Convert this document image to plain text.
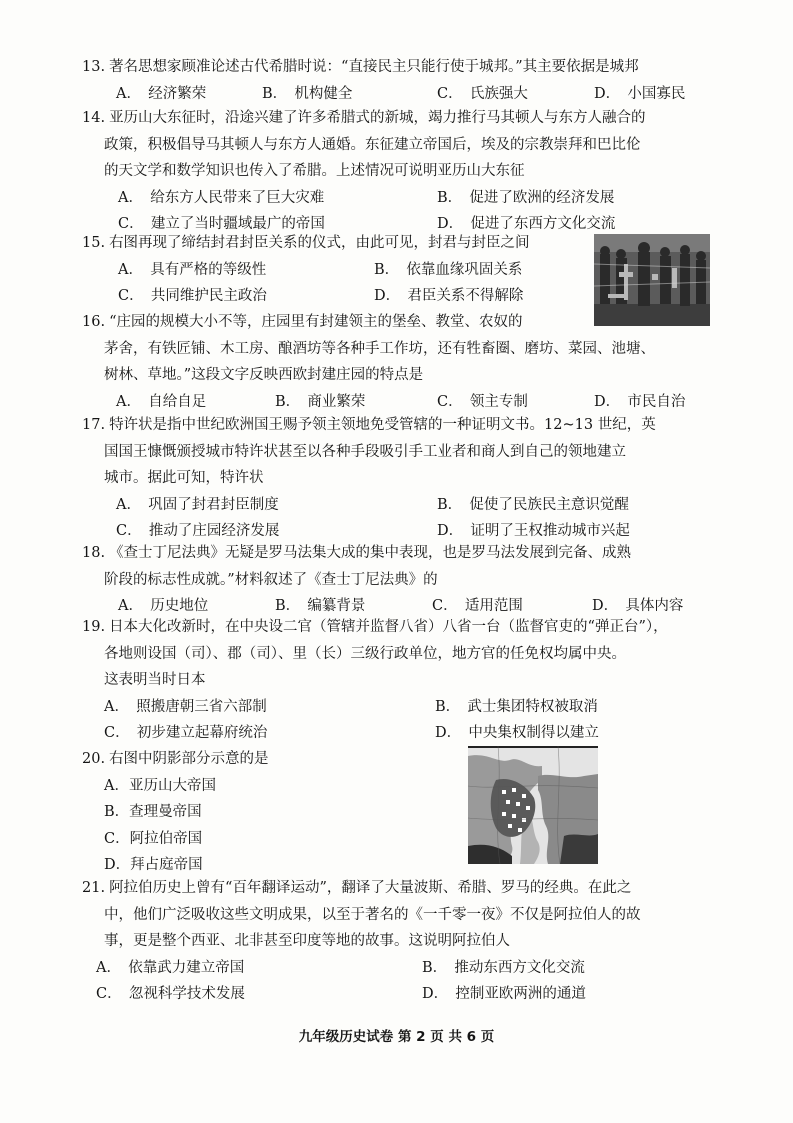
13. 著名思想家顾准论述古代希腊时说：“直接民主只能行使于城邦。”其主要依据是城邦

A．　经济繁荣	B．　机构健全	C．　氏族强大	D．　小国寡民

14. 亚历山大东征时，沿途兴建了许多希腊式的新城，竭力推行马其顿人与东方人融合的

政策，积极倡导马其顿人与东方人通婚。东征建立帝国后，埃及的宗教崇拜和巴比伦

的天文学和数学知识也传入了希腊。上述情况可说明亚历山大东征

A．　给东方人民带来了巨大灾难	B．　促进了欧洲的经济发展
C．　建立了当时疆域最广的帝国	D．　促进了东西方文化交流

15. 右图再现了缔结封君封臣关系的仪式，由此可见，封君与封臣之间

A．　具有严格的等级性	B．　依靠血缘巩固关系
C．　共同维护民主政治	D．　君臣关系不得解除

16. “庄园的规模大小不等，庄园里有封建领主的堡垒、教堂、农奴的

茅舍，有铁匠铺、木工房、酿酒坊等各种手工作坊，还有牲畜圈、磨坊、菜园、池塘、

树林、草地。”这段文字反映西欧封建庄园的特点是

A．　自给自足	B．　商业繁荣	C．　领主专制	D．　市民自治

17. 特许状是指中世纪欧洲国王赐予领主领地免受管辖的一种证明文书。12~13 世纪，英

国国王慷慨颁授城市特许状甚至以各种手段吸引手工业者和商人到自己的领地建立

城市。据此可知，特许状

A．　巩固了封君封臣制度	B．　促使了民族民主意识觉醒
C．　推动了庄园经济发展	D．　证明了王权推动城市兴起

18. 《查士丁尼法典》无疑是罗马法集大成的集中表现，也是罗马法发展到完备、成熟

阶段的标志性成就。”材料叙述了《查士丁尼法典》的

A．　历史地位	B．　编纂背景	C．　适用范围	D．　具体内容

19. 日本大化改新时，在中央设二官（管辖并监督八省）八省一台（监督官吏的“弹正台”），

各地则设国（司）、郡（司）、里（长）三级行政单位，地方官的任免权均属中央。

这表明当时日本

A．　照搬唐朝三省六部制	B．　武士集团特权被取消
C．　初步建立起幕府统治	D．　中央集权制得以建立

20. 右图中阴影部分示意的是

A．亚历山大帝国

B．查理曼帝国

C．阿拉伯帝国

D．拜占庭帝国

21. 阿拉伯历史上曾有“百年翻译运动”，翻译了大量波斯、希腊、罗马的经典。在此之

中，他们广泛吸收这些文明成果，以至于著名的《一千零一夜》不仅是阿拉伯人的故

事，更是整个西亚、北非甚至印度等地的故事。这说明阿拉伯人

A．　依靠武力建立帝国	B．　推动东西方文化交流
C．　忽视科学技术发展	D．　控制亚欧两洲的通道
九年级历史试卷 第 2 页 共 6 页
